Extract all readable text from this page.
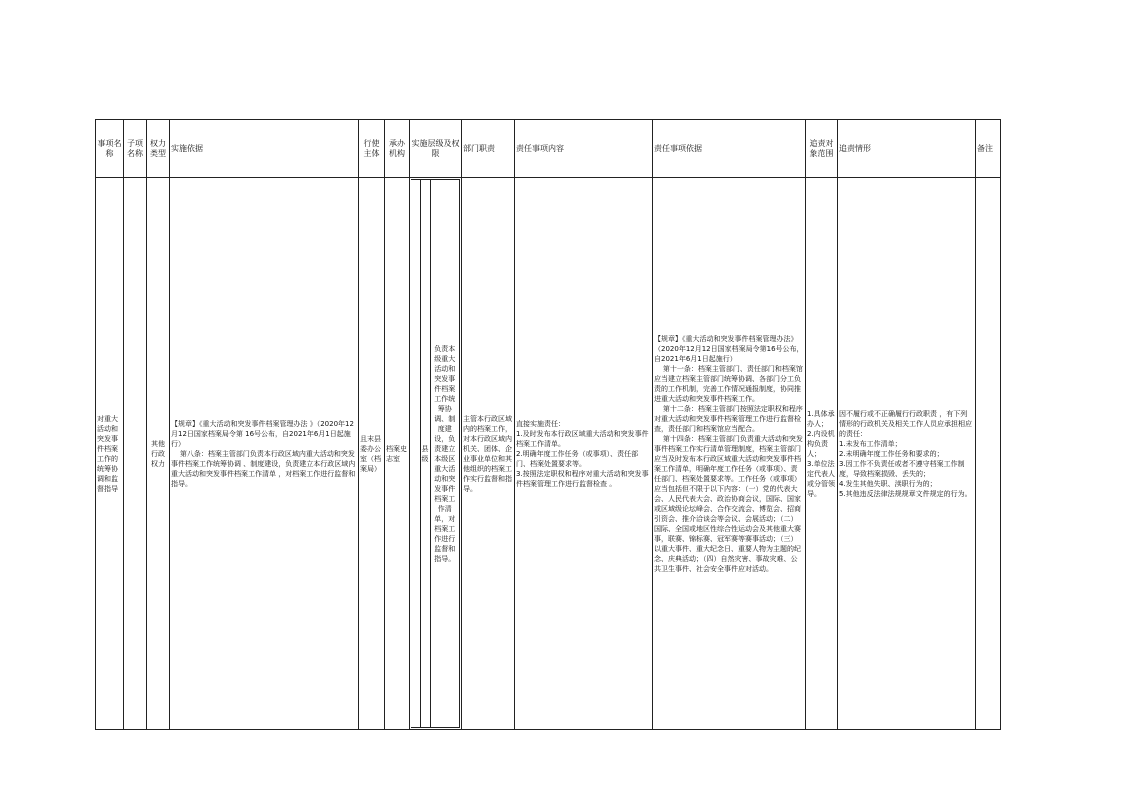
事项名称	子项名称	权力类型	实施依据	行使主体	承办机构	实施层级及权限	部门职责	责任事项内容	责任事项依据	追责对象范围	追责情形	备注
对重大活动和突发事件档案工作的统筹协调和监督指导		其他行政权力	【规章】《重大活动和突发事件档案管理办法 》（2020年12月12日国家档案局令第 16号公布，自2021年6月1日起施行）
第八条：档案主管部门负责本行政区域内重大活动和突发事件档案工作统筹协调 、制度建设，负责建立本行政区域内重大活动和突发事件档案工作清单 ，对档案工作进行监督和指导。	且末县委办公室（档案局）	档案史志室	
	县级	负责本级重大活动和突发事件档案工作统筹协调、制度建设，负责建立本级区重大活动和突发事件档案工作清单，对档案工作进行监督和指导。
	主管本行政区域内的档案工作，对本行政区域内机关、团体、企业事业单位和其他组织的档案工作实行监督和指导。	直接实施责任：
1.及时发布本行政区域重大活动和突发事件档案工作清单。
2.明确年度工作任务（或事项）、责任部门、档案处置要求等。
3.按照法定职权和程序对重大活动和突发事件档案管理工作进行监督检查 。	【规章】《重大活动和突发事件档案管理办法》（2020年12月12日国家档案局令第16号公布，自2021年6月1日起施行）
第十一条：档案主管部门、责任部门和档案馆应当建立档案主管部门统筹协调、各部门分工负责的工作机制，完善工作情况通报制度，协同推进重大活动和突发事件档案工作。
第十二条：档案主管部门按照法定职权和程序对重大活动和突发事件档案管理工作进行监督检查，责任部门和档案馆应当配合。
第十四条：档案主管部门负责重大活动和突发事件档案工作实行清单管理制度，档案主管部门应当及时发布本行政区域重大活动和突发事件档案工作清单，明确年度工作任务（或事项）、责任部门、档案处置要求等。工作任务（或事项）应当包括但不限于以下内容：（一）党的代表大会、人民代表大会、政治协商会议，国际、国家或区域级论坛峰会、合作交流会、博览会、招商引资会、推介洽谈会等会议、会展活动；（二）国际、全国或地区性综合性运动会及其他重大赛事，联赛、锦标赛、冠军赛等赛事活动；（三）以重大事件、重大纪念日、重要人物为主题的纪念、庆典活动；（四）自然灾害、事故灾难、公共卫生事件、社会安全事件应对活动。	1.具体承办人；
2.内设机构负责人；
3.单位法定代表人或分管领导。	因不履行或不正确履行行政职责 ，有下列情形的行政机关及相关工作人员应承担相应的责任：
1.未发布工作清单；
2.未明确年度工作任务和要求的；
3.因工作不负责任或者不遵守档案工作制度，导致档案损毁、丢失的；
4.发生其他失职、渎职行为的；
5.其他违反法律法规规章文件规定的行为。	
